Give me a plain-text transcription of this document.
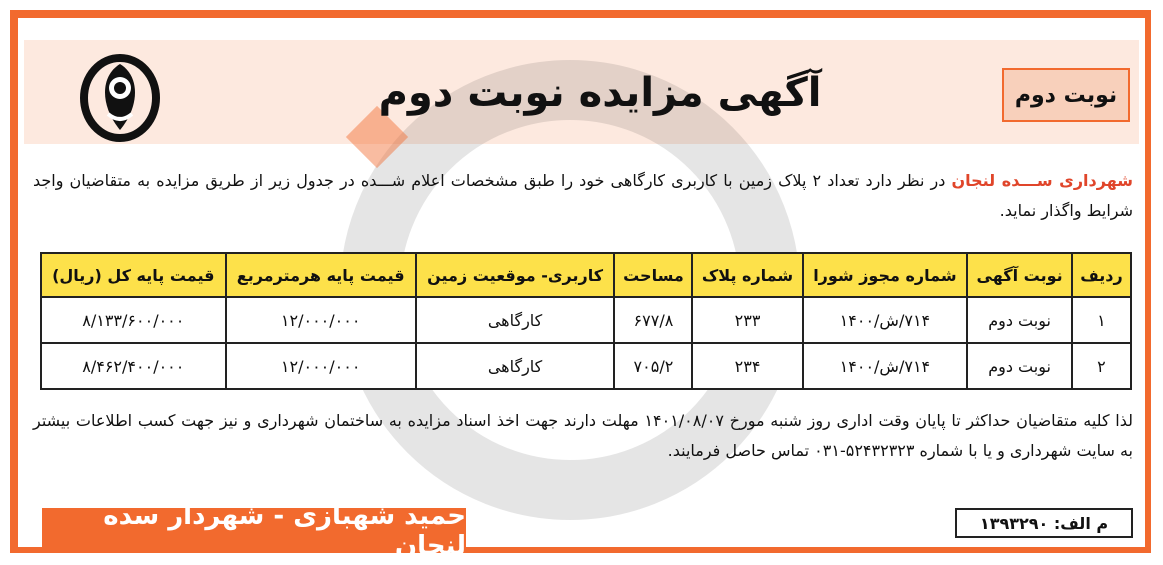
نوبت دوم
آگهی مزایده نوبت دوم
شهرداری ســـده لنجان در نظر دارد تعداد ۲ پلاک زمین با کاربری کارگاهی خود را طبق مشخصات اعلام شـــده در جدول زیر از طریق مزایده به متقاضیان واجد شرایط واگذار نماید.
ردیف	نوبت آگهی	شماره مجوز شورا	شماره پلاک	مساحت	کاربری- موقعیت زمین	قیمت پایه هرمترمربع	قیمت پایه کل (ریال)
۱	نوبت دوم	۷۱۴/ش/۱۴۰۰	۲۳۳	۶۷۷/۸	کارگاهی	۱۲/۰۰۰/۰۰۰	۸/۱۳۳/۶۰۰/۰۰۰
۲	نوبت دوم	۷۱۴/ش/۱۴۰۰	۲۳۴	۷۰۵/۲	کارگاهی	۱۲/۰۰۰/۰۰۰	۸/۴۶۲/۴۰۰/۰۰۰
لذا کلیه متقاضیان حداکثر تا پایان وقت اداری روز شنبه مورخ ۱۴۰۱/۰۸/۰۷ مهلت دارند جهت اخذ اسناد مزایده به ساختمان شهرداری و نیز جهت کسب اطلاعات بیشتر به سایت شهرداری و یا با شماره ۵۲۴۳۲۳۲۳-۰۳۱ تماس حاصل فرمایند.
حمید شهبازی - شهردار سده لنجان
م الف: ۱۳۹۳۲۹۰
